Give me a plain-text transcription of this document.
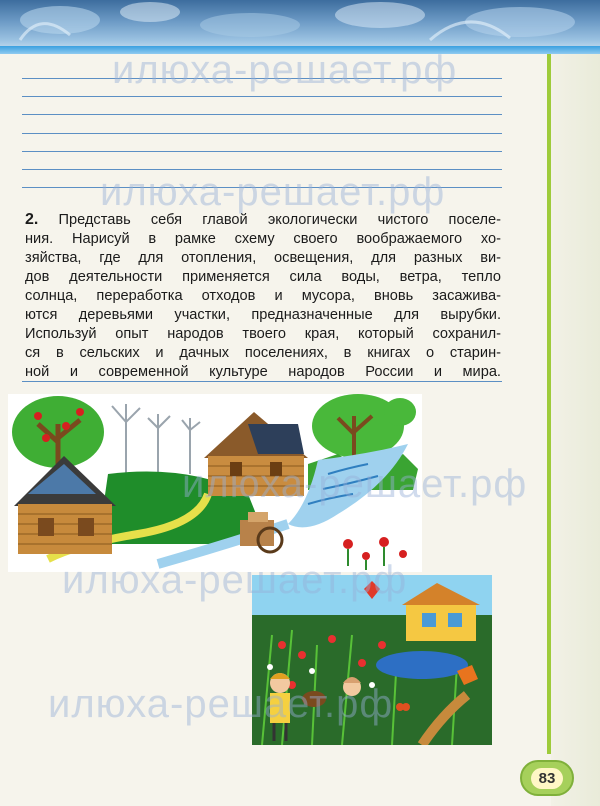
2. Представь себя главой экологически чистого поселе-
ния. Нарисуй в рамке схему своего воображаемого хо-
зяйства, где для отопления, освещения, для разных ви-
дов деятельности применяется сила воды, ветра, тепло
солнца, переработка отходов и мусора, вновь засажива-
ются деревьями участки, предназначенные для вырубки.
Используй опыт народов твоего края, который сохранил-
ся в сельских и дачных поселениях, в книгах о старин-
ной и современной культуре народов России и мира.
илюха-решает.рф
илюха-решает.рф
илюха-решает.рф
илюха-решает.рф
илюха-решает.рф
83
